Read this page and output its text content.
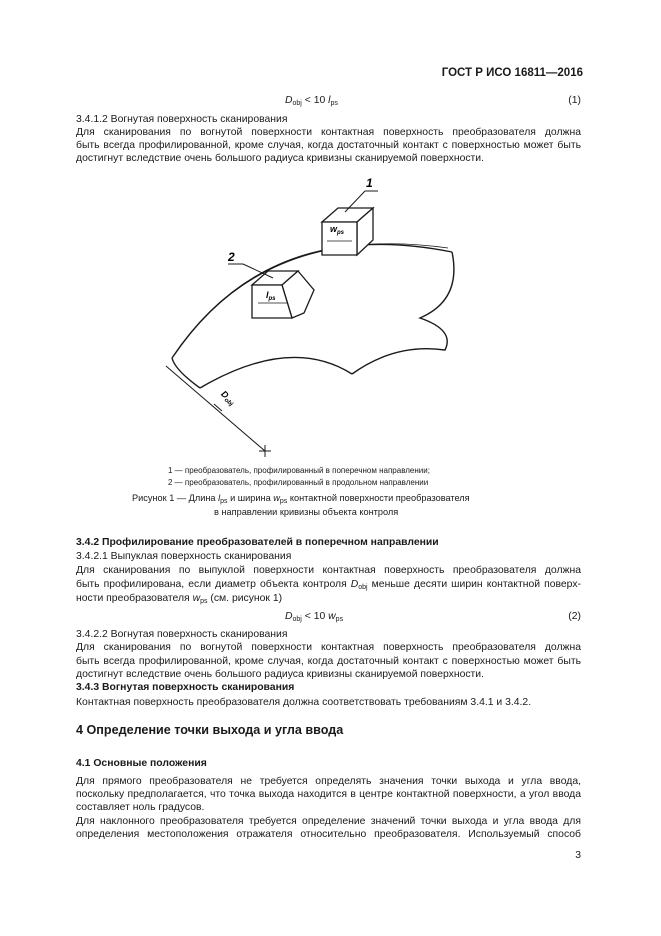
ГОСТ Р ИСО 16811—2016
$D_{obj} < 10$ $l_{ps}$	(1)
3.4.1.2 Вогнутая поверхность сканирования
Для сканирования по вогнутой поверхности контактная поверхность преобразователя должна
быть всегда профилированной, кроме случая, когда достаточный контакт с поверхностью может быть
достигнут вследствие очень большого радиуса кривизны сканируемой поверхности.
1
2
$w_{ps}$
$l_{ps}$
$D_{obj}$
1 — преобразователь, профилированный в поперечном направлении;
2 — преобразователь, профилированный в продольном направлении
Рисунок 1 — Длина $l_{ps}$ и ширина $w_{ps}$ контактной поверхности преобразователя
в направлении кривизны объекта контроля
3.4.2 Профилирование преобразователей в поперечном направлении
3.4.2.1 Выпуклая поверхность сканирования
Для сканирования по выпуклой поверхности контактная поверхность преобразователя должна
быть профилирована, если диаметр объекта контроля $D_{obj}$ меньше десяти ширин контактной поверх-
ности преобразователя $w_{ps}$ (см. рисунок 1)
$D_{obj} < 10$ $w_{ps}$	(2)
3.4.2.2 Вогнутая поверхность сканирования
Для сканирования по вогнутой поверхности контактная поверхность преобразователя должна
быть всегда профилированной, кроме случая, когда достаточный контакт с поверхностью может быть
достигнут вследствие очень большого радиуса кривизны сканируемой поверхности.
3.4.3 Вогнутая поверхность сканирования
Контактная поверхность преобразователя должна соответствовать требованиям 3.4.1 и 3.4.2.
4 Определение точки выхода и угла ввода
4.1 Основные положения
Для прямого преобразователя не требуется определять значения точки выхода и угла ввода,
поскольку предполагается, что точка выхода находится в центре контактной поверхности, а угол ввода
составляет ноль градусов.
Для наклонного преобразователя требуется определение значений точки выхода и угла ввода для
определения местоположения отражателя относительно преобразователя. Используемый способ
3
